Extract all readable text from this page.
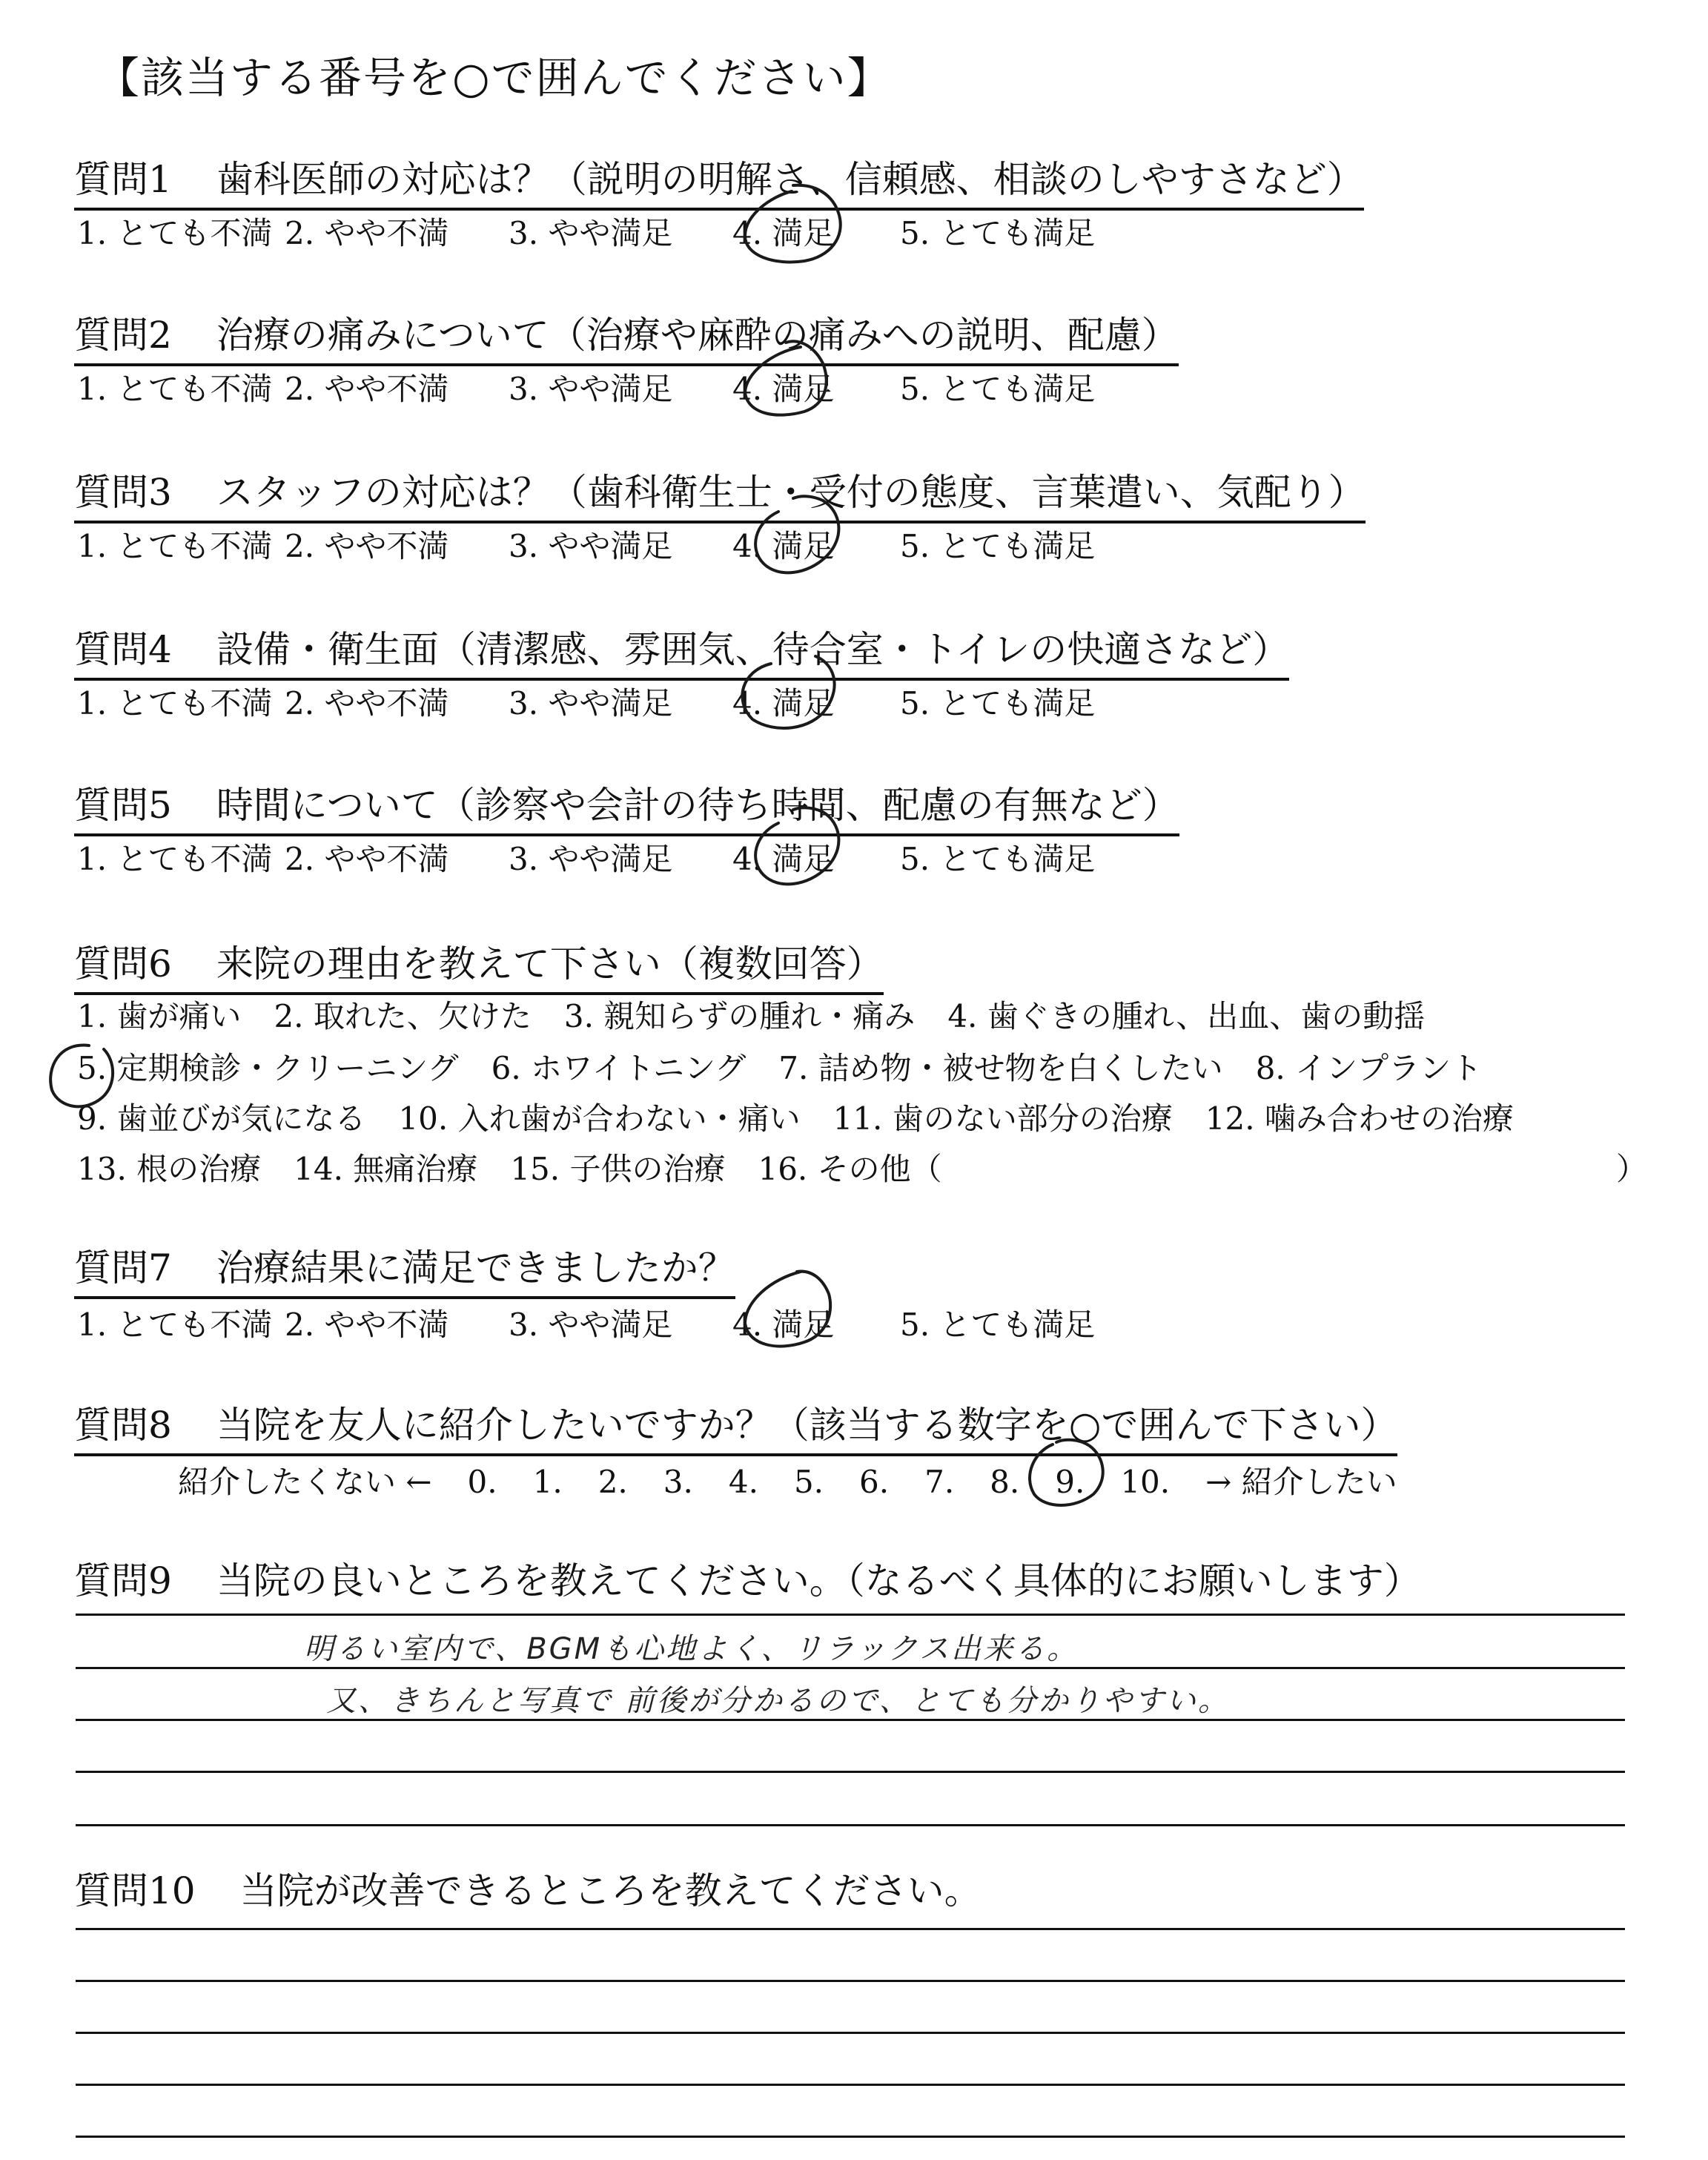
【該当する番号を○で囲んでください】
質問1 歯科医師の対応は？（説明の明解さ、信頼感、相談のしやすさなど）
1. とても不満 2. やや不満 3. やや満足 4. 満足 5. とても満足
質問2 治療の痛みについて（治療や麻酔の痛みへの説明、配慮）
1. とても不満 2. やや不満 3. やや満足 4. 満足 5. とても満足
質問3 スタッフの対応は？（歯科衛生士・受付の態度、言葉遣い、気配り）
1. とても不満 2. やや不満 3. やや満足 4. 満足 5. とても満足
質問4 設備・衛生面（清潔感、雰囲気、待合室・トイレの快適さなど）
1. とても不満 2. やや不満 3. やや満足 4. 満足 5. とても満足
質問5 時間について（診察や会計の待ち時間、配慮の有無など）
1. とても不満 2. やや不満 3. やや満足 4. 満足 5. とても満足
質問6 来院の理由を教えて下さい（複数回答）
1. 歯が痛い 2. 取れた、欠けた 3. 親知らずの腫れ・痛み 4. 歯ぐきの腫れ、出血、歯の動揺
5. 定期検診・クリーニング 6. ホワイトニング 7. 詰め物・被せ物を白くしたい 8. インプラント
9. 歯並びが気になる 10. 入れ歯が合わない・痛い 11. 歯のない部分の治療 12. 噛み合わせの治療
13. 根の治療 14. 無痛治療 15. 子供の治療 16. その他（	）
質問7 治療結果に満足できましたか？
1. とても不満 2. やや不満 3. やや満足 4. 満足 5. とても満足
質問8 当院を友人に紹介したいですか？（該当する数字を○で囲んで下さい）
紹介したくない ← 0. 1. 2. 3. 4. 5. 6. 7. 8. 9. 10. → 紹介したい
質問9 当院の良いところを教えてください。（なるべく具体的にお願いします）
明るい室内で、BGMも心地よく、リラックス出来る。
又、きちんと写真で 前後が分かるので、とても分かりやすい。
質問10 当院が改善できるところを教えてください。
